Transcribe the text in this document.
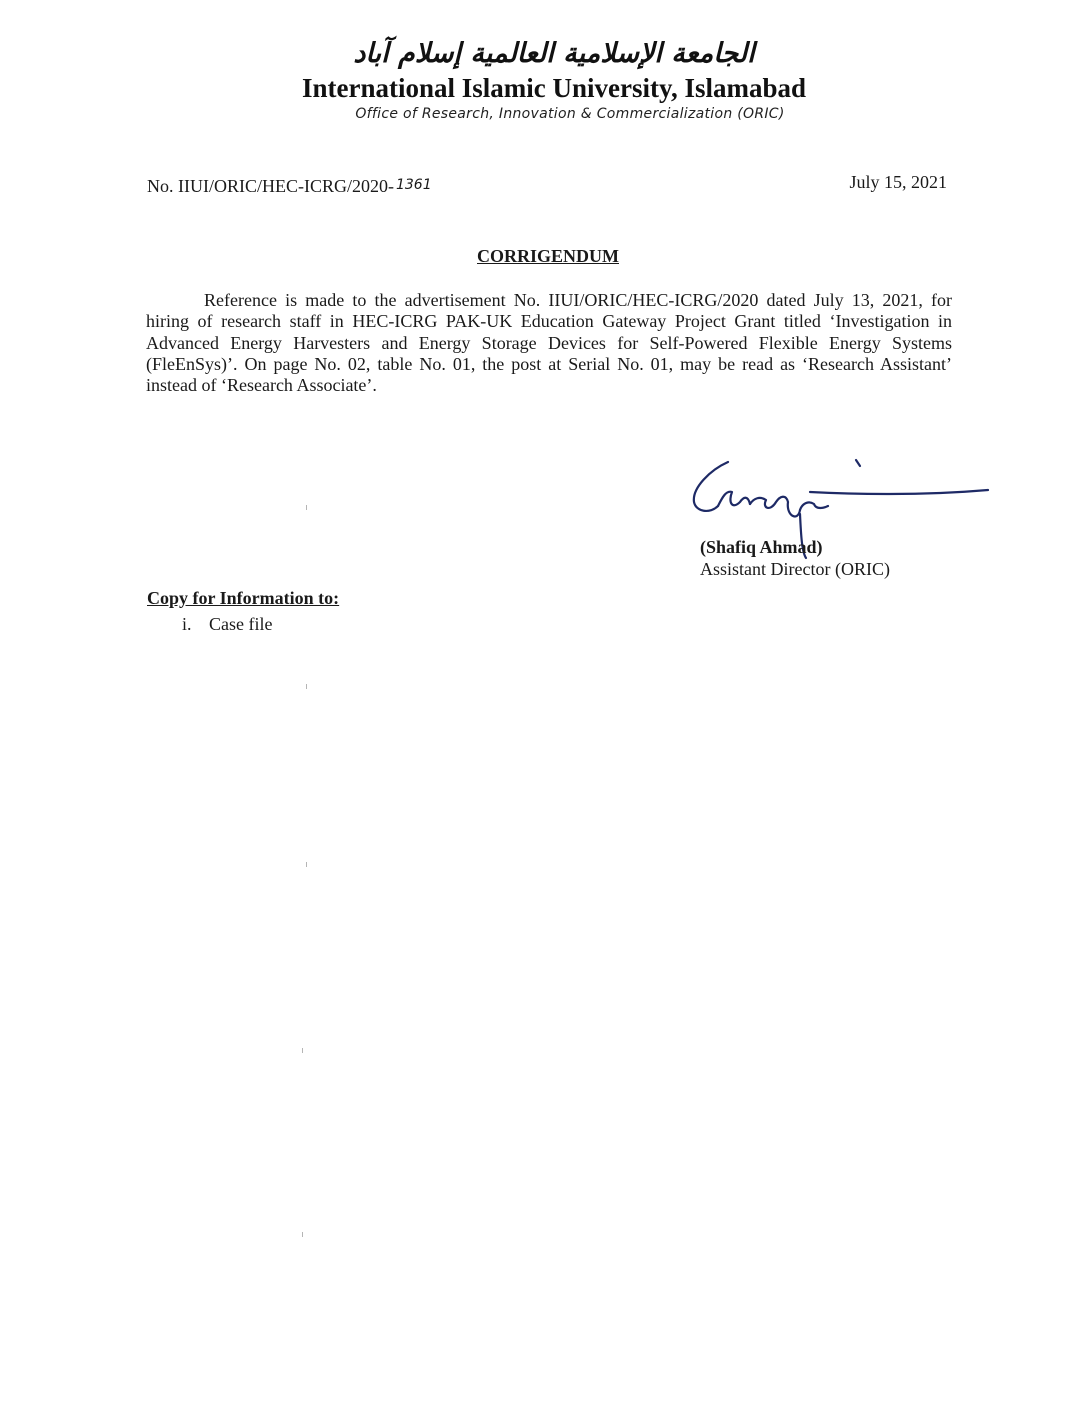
الجامعة الإسلامية العالمية إسلام آباد
International Islamic University, Islamabad
Office of Research, Innovation & Commercialization (ORIC)
No. IIUI/ORIC/HEC-ICRG/2020- 1361	July 15, 2021
CORRIGENDUM
Reference is made to the advertisement No. IIUI/ORIC/HEC-ICRG/2020 dated July 13, 2021, for hiring of research staff in HEC-ICRG PAK-UK Education Gateway Project Grant titled ‘Investigation in Advanced Energy Harvesters and Energy Storage Devices for Self-Powered Flexible Energy Systems (FleEnSys)’. On page No. 02, table No. 01, the post at Serial No. 01, may be read as ‘Research Assistant’ instead of ‘Research Associate’.
(Shafiq Ahmad)
Assistant Director (ORIC)
Copy for Information to:
i. Case file
